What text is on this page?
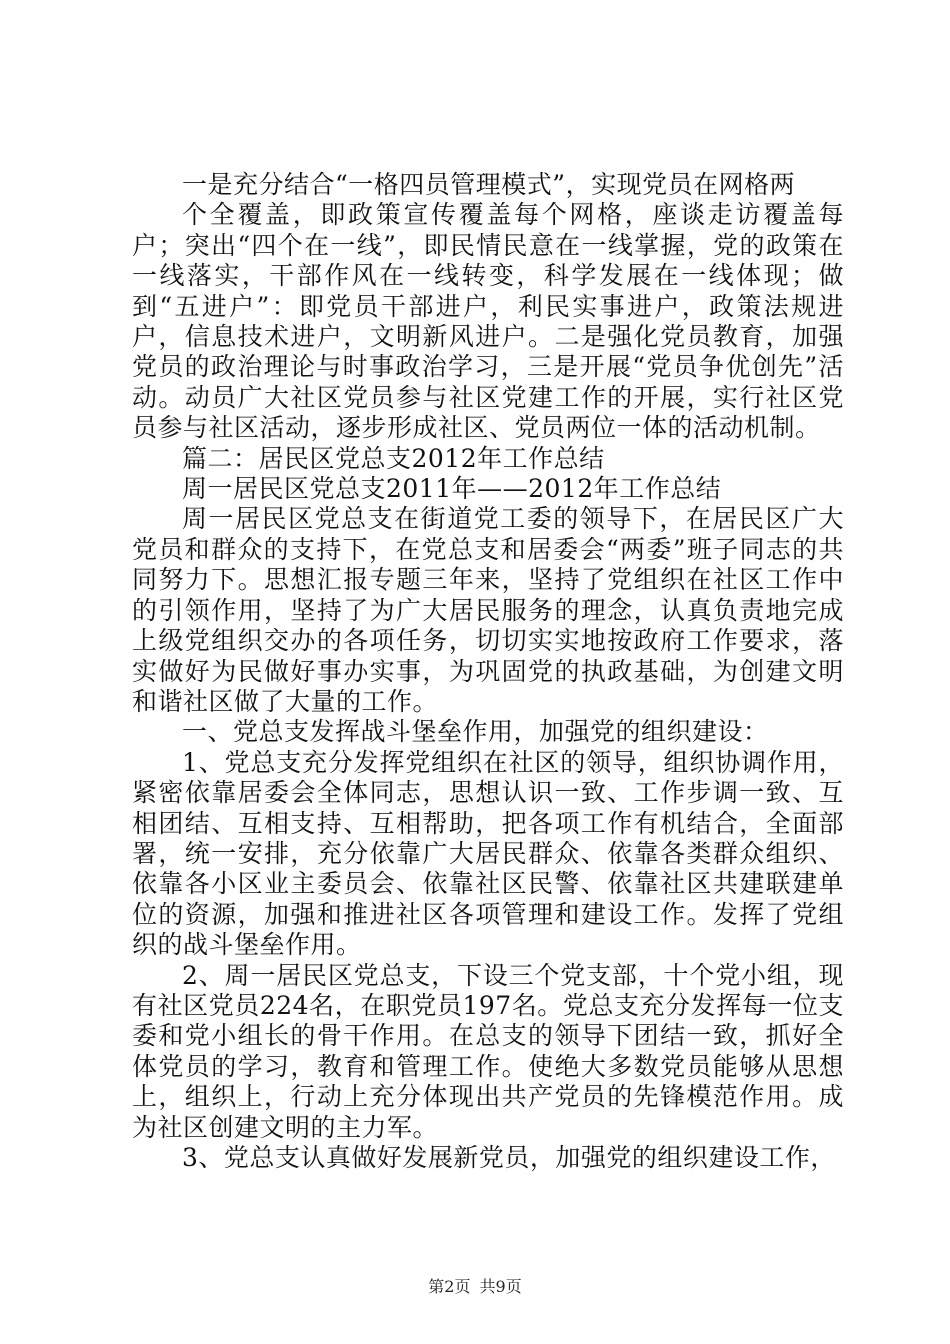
一是充分结合“一格四员管理模式”，实现党员在网格两

个全覆盖，即政策宣传覆盖每个网格，座谈走访覆盖每户；突出“四个在一线”，即民情民意在一线掌握，党的政策在一线落实，干部作风在一线转变，科学发展在一线体现；做到“五进户”：即党员干部进户，利民实事进户，政策法规进户，信息技术进户，文明新风进户。二是强化党员教育，加强党员的政治理论与时事政治学习，三是开展“党员争优创先”活动。动员广大社区党员参与社区党建工作的开展，实行社区党员参与社区活动，逐步形成社区、党员两位一体的活动机制。

篇二：居民区党总支2012年工作总结

周一居民区党总支2011年——2012年工作总结

周一居民区党总支在街道党工委的领导下，在居民区广大党员和群众的支持下，在党总支和居委会“两委”班子同志的共同努力下。思想汇报专题三年来，坚持了党组织在社区工作中的引领作用，坚持了为广大居民服务的理念，认真负责地完成上级党组织交办的各项任务，切切实实地按政府工作要求，落实做好为民做好事办实事，为巩固党的执政基础，为创建文明和谐社区做了大量的工作。

一、党总支发挥战斗堡垒作用，加强党的组织建设：

1、党总支充分发挥党组织在社区的领导，组织协调作用，紧密依靠居委会全体同志，思想认识一致、工作步调一致、互相团结、互相支持、互相帮助，把各项工作有机结合，全面部署，统一安排，充分依靠广大居民群众、依靠各类群众组织、依靠各小区业主委员会、依靠社区民警、依靠社区共建联建单位的资源，加强和推进社区各项管理和建设工作。发挥了党组织的战斗堡垒作用。

2、周一居民区党总支，下设三个党支部，十个党小组，现有社区党员224名，在职党员197名。党总支充分发挥每一位支委和党小组长的骨干作用。在总支的领导下团结一致，抓好全体党员的学习，教育和管理工作。使绝大多数党员能够从思想上，组织上，行动上充分体现出共产党员的先锋模范作用。成为社区创建文明的主力军。

3、党总支认真做好发展新党员，加强党的组织建设工作，

第2页 共9页
